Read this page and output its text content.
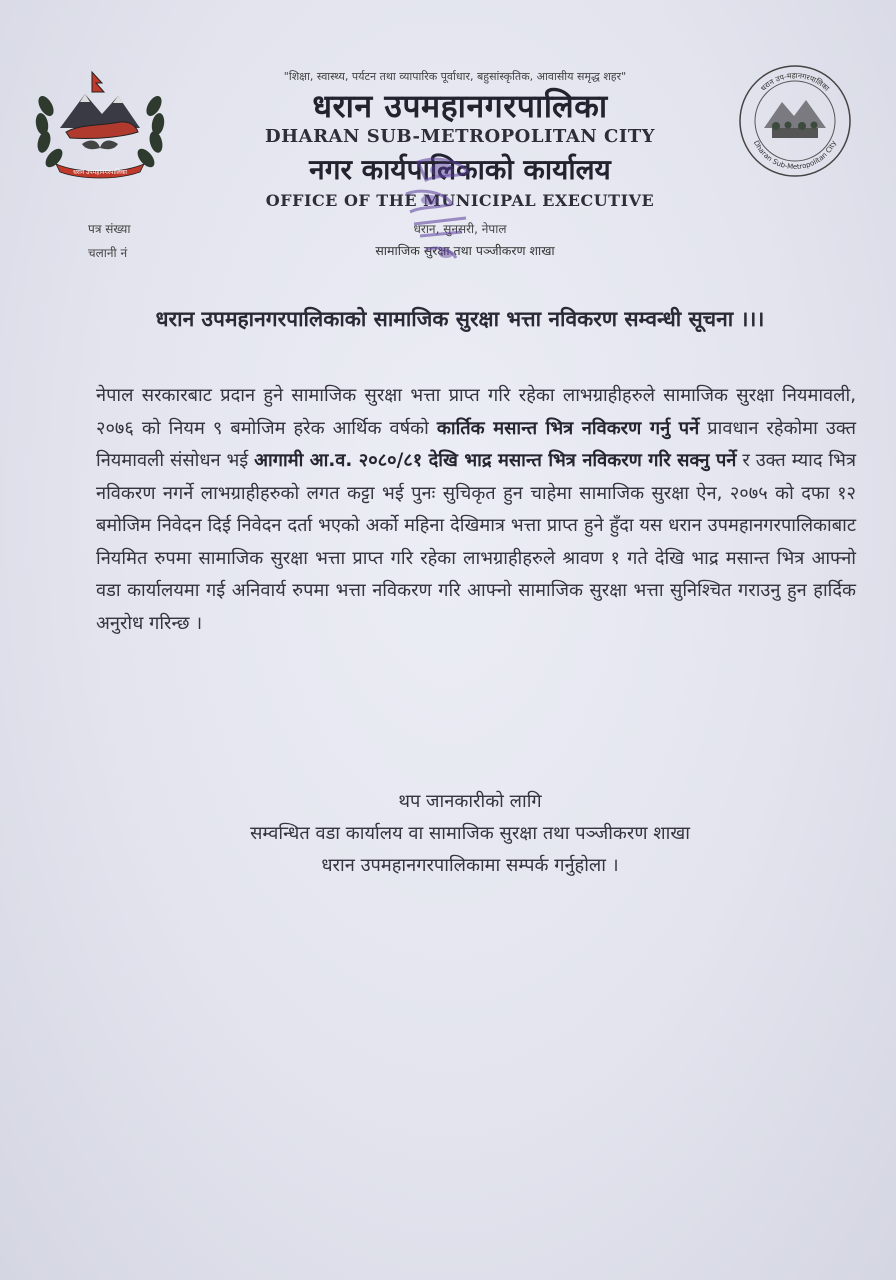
धरान उपमहानगरपालिका
धरान उप-महानगरपालिका
Dharan Sub-Metropolitan City
"शिक्षा, स्वास्थ्य, पर्यटन तथा व्यापारिक पूर्वाधार, बहुसांस्कृतिक, आवासीय समृद्ध शहर"
धरान उपमहानगरपालिका
DHARAN SUB-METROPOLITAN CITY
नगर कार्यपालिकाको कार्यालय
OFFICE OF THE MUNICIPAL EXECUTIVE
धरान, सुनसरी, नेपाल
सामाजिक सुरक्षा तथा पञ्जीकरण शाखा
पत्र संख्या
चलानी नं
धरान उपमहानगरपालिकाको सामाजिक सुरक्षा भत्ता नविकरण सम्वन्धी सूचना ।।।
नेपाल सरकारबाट प्रदान हुने सामाजिक सुरक्षा भत्ता प्राप्त गरि रहेका लाभग्राहीहरुले सामाजिक सुरक्षा नियमावली, २०७६ को नियम ९ बमोजिम हरेक आर्थिक वर्षको कार्तिक मसान्त भित्र नविकरण गर्नु पर्ने प्रावधान रहेकोमा उक्त नियमावली संसोधन भई आगामी आ.व. २०८०/८१ देखि भाद्र मसान्त भित्र नविकरण गरि सक्नु पर्ने र उक्त म्याद भित्र नविकरण नगर्ने लाभग्राहीहरुको लगत कट्टा भई पुनः सुचिकृत हुन चाहेमा सामाजिक सुरक्षा ऐन, २०७५ को दफा १२ बमोजिम निवेदन दिई निवेदन दर्ता भएको अर्को महिना देखिमात्र भत्ता प्राप्त हुने हुँदा यस धरान उपमहानगरपालिकाबाट नियमित रुपमा सामाजिक सुरक्षा भत्ता प्राप्त गरि रहेका लाभग्राहीहरुले श्रावण १ गते देखि भाद्र मसान्त भित्र आफ्नो वडा कार्यालयमा गई अनिवार्य रुपमा भत्ता नविकरण गरि आफ्नो सामाजिक सुरक्षा भत्ता सुनिश्चित गराउनु हुन हार्दिक अनुरोध गरिन्छ ।
थप जानकारीको लागि
सम्वन्धित वडा कार्यालय वा सामाजिक सुरक्षा तथा पञ्जीकरण शाखा
धरान उपमहानगरपालिकामा सम्पर्क गर्नुहोला ।
